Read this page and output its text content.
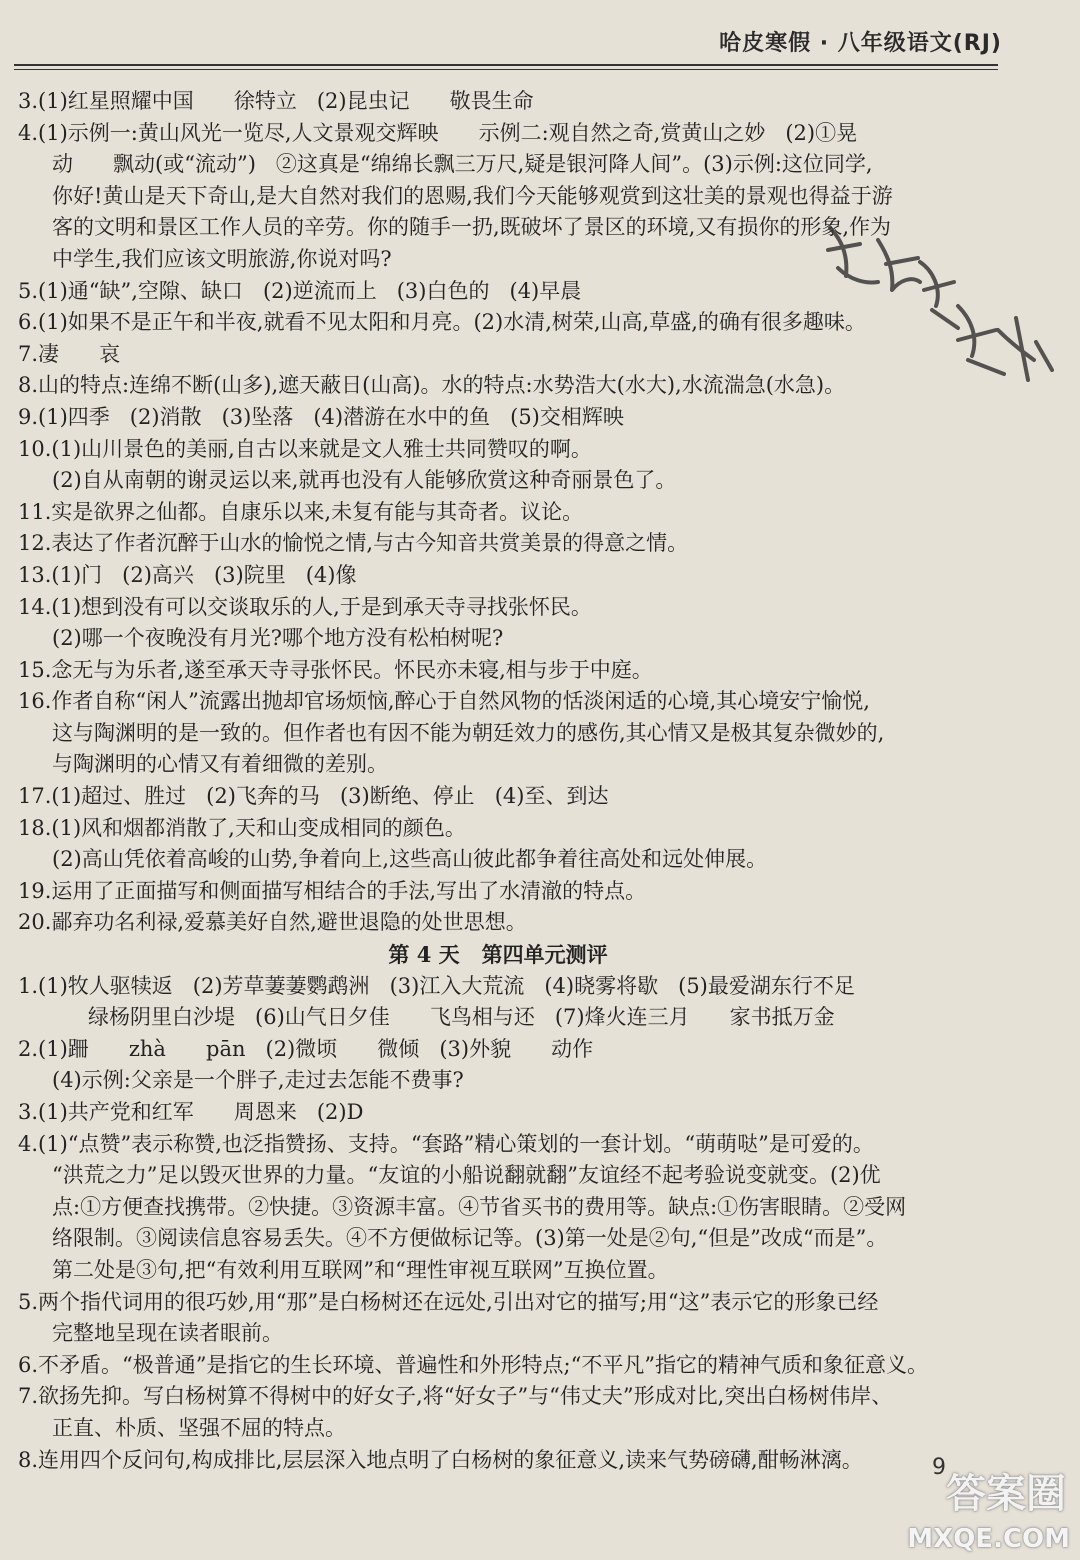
哈皮寒假 · 八年级语文(RJ)
3.(1)红星照耀中国      徐特立   (2)昆虫记      敬畏生命
4.(1)示例一:黄山风光一览尽,人文景观交辉映      示例二:观自然之奇,赏黄山之妙   (2)①晃
动      飘动(或“流动”)   ②这真是“绵绵长飘三万尺,疑是银河降人间”。(3)示例:这位同学,
你好!黄山是天下奇山,是大自然对我们的恩赐,我们今天能够观赏到这壮美的景观也得益于游
客的文明和景区工作人员的辛劳。你的随手一扔,既破坏了景区的环境,又有损你的形象,作为
中学生,我们应该文明旅游,你说对吗?
5.(1)通“缺”,空隙、缺口   (2)逆流而上   (3)白色的   (4)早晨
6.(1)如果不是正午和半夜,就看不见太阳和月亮。(2)水清,树荣,山高,草盛,的确有很多趣味。
7.凄      哀
8.山的特点:连绵不断(山多),遮天蔽日(山高)。水的特点:水势浩大(水大),水流湍急(水急)。
9.(1)四季   (2)消散   (3)坠落   (4)潜游在水中的鱼   (5)交相辉映
10.(1)山川景色的美丽,自古以来就是文人雅士共同赞叹的啊。
(2)自从南朝的谢灵运以来,就再也没有人能够欣赏这种奇丽景色了。
11.实是欲界之仙都。自康乐以来,未复有能与其奇者。议论。
12.表达了作者沉醉于山水的愉悦之情,与古今知音共赏美景的得意之情。
13.(1)门   (2)高兴   (3)院里   (4)像
14.(1)想到没有可以交谈取乐的人,于是到承天寺寻找张怀民。
(2)哪一个夜晚没有月光?哪个地方没有松柏树呢?
15.念无与为乐者,遂至承天寺寻张怀民。怀民亦未寝,相与步于中庭。
16.作者自称“闲人”流露出抛却官场烦恼,醉心于自然风物的恬淡闲适的心境,其心境安宁愉悦,
这与陶渊明的是一致的。但作者也有因不能为朝廷效力的感伤,其心情又是极其复杂微妙的,
与陶渊明的心情又有着细微的差别。
17.(1)超过、胜过   (2)飞奔的马   (3)断绝、停止   (4)至、到达
18.(1)风和烟都消散了,天和山变成相同的颜色。
(2)高山凭依着高峻的山势,争着向上,这些高山彼此都争着往高处和远处伸展。
19.运用了正面描写和侧面描写相结合的手法,写出了水清澈的特点。
20.鄙弃功名利禄,爱慕美好自然,避世退隐的处世思想。
第 4 天   第四单元测评
1.(1)牧人驱犊返   (2)芳草萋萋鹦鹉洲   (3)江入大荒流   (4)晓雾将歇   (5)最爱湖东行不足
绿杨阴里白沙堤   (6)山气日夕佳      飞鸟相与还   (7)烽火连三月      家书抵万金
2.(1)跚      zhà      pān   (2)微顷      微倾   (3)外貌      动作
(4)示例:父亲是一个胖子,走过去怎能不费事?
3.(1)共产党和红军      周恩来   (2)D
4.(1)“点赞”表示称赞,也泛指赞扬、支持。“套路”精心策划的一套计划。“萌萌哒”是可爱的。
“洪荒之力”足以毁灭世界的力量。“友谊的小船说翻就翻”友谊经不起考验说变就变。(2)优
点:①方便查找携带。②快捷。③资源丰富。④节省买书的费用等。缺点:①伤害眼睛。②受网
络限制。③阅读信息容易丢失。④不方便做标记等。(3)第一处是②句,“但是”改成“而是”。
第二处是③句,把“有效利用互联网”和“理性审视互联网”互换位置。
5.两个指代词用的很巧妙,用“那”是白杨树还在远处,引出对它的描写;用“这”表示它的形象已经
完整地呈现在读者眼前。
6.不矛盾。“极普通”是指它的生长环境、普遍性和外形特点;“不平凡”指它的精神气质和象征意义。
7.欲扬先抑。写白杨树算不得树中的好女子,将“好女子”与“伟丈夫”形成对比,突出白杨树伟岸、
正直、朴质、坚强不屈的特点。
8.连用四个反问句,构成排比,层层深入地点明了白杨树的象征意义,读来气势磅礴,酣畅淋漓。	9
答案圈
MXQE.COM
